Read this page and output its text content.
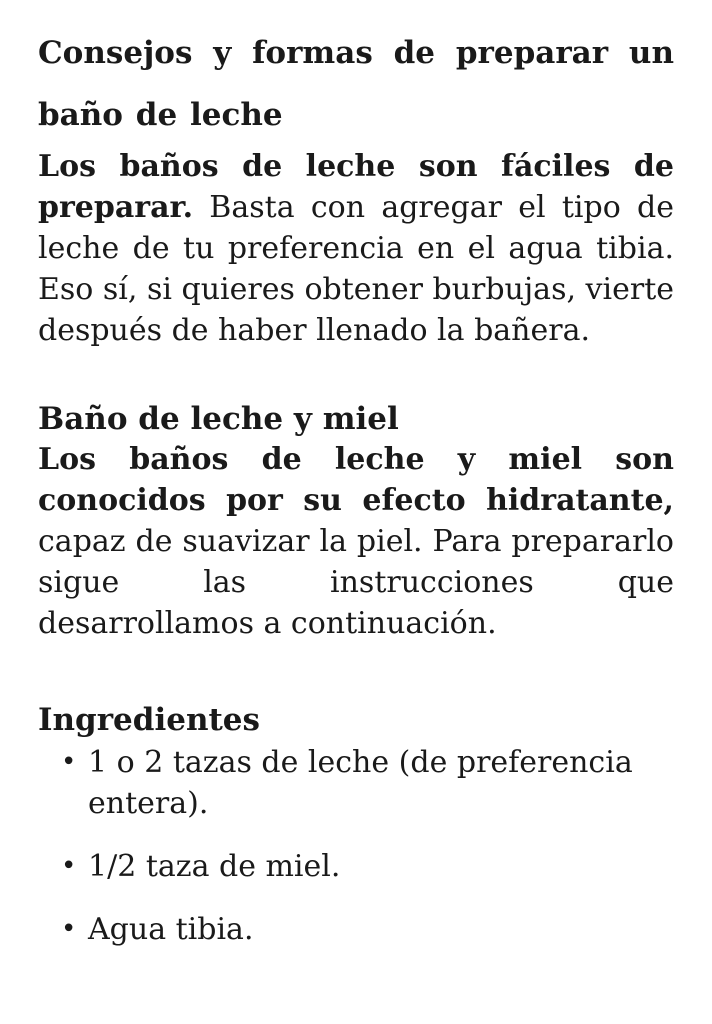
Consejos y formas de preparar un baño de leche

Los baños de leche son fáciles de preparar. Basta con agregar el tipo de leche de tu preferencia en el agua tibia. Eso sí, si quieres obtener burbujas, vierte después de haber llenado la bañera.

Baño de leche y miel

Los baños de leche y miel son conocidos por su efecto hidratante, capaz de suavizar la piel. Para prepararlo sigue las instrucciones que desarrollamos a continuación.

Ingredientes
• 1 o 2 tazas de leche (de preferencia entera).
• 1/2 taza de miel.
• Agua tibia.
